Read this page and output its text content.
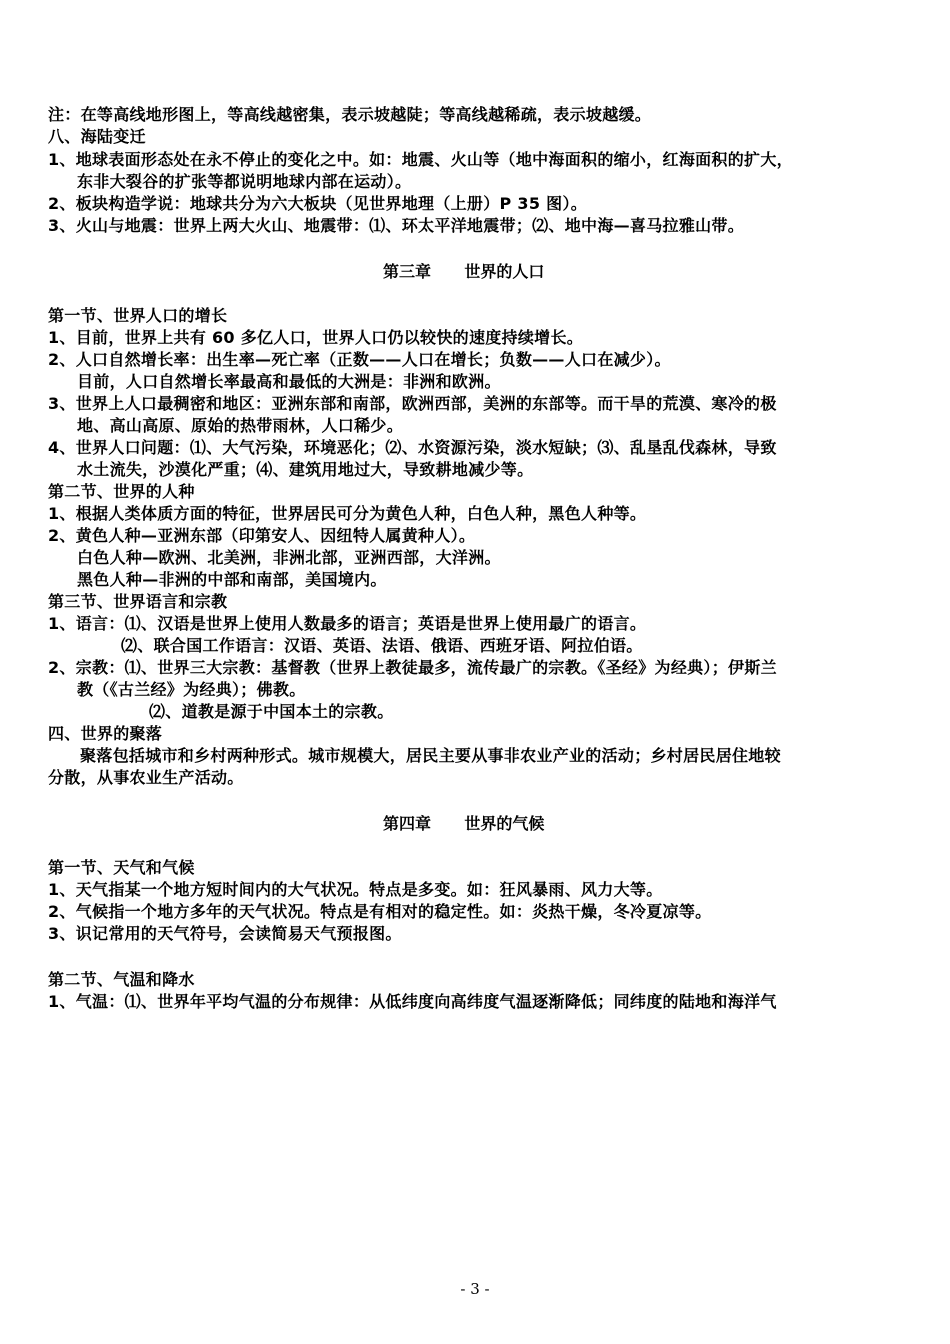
注：在等高线地形图上，等高线越密集，表示坡越陡；等高线越稀疏，表示坡越缓。
八、海陆变迁
1、地球表面形态处在永不停止的变化之中。如：地震、火山等（地中海面积的缩小，红海面积的扩大，
东非大裂谷的扩张等都说明地球内部在运动）。
2、板块构造学说：地球共分为六大板块（见世界地理（上册）P 35 图）。
3、火山与地震：世界上两大火山、地震带：⑴、环太平洋地震带；⑵、地中海—喜马拉雅山带。
第一节、世界人口的增长
1、目前，世界上共有 60 多亿人口，世界人口仍以较快的速度持续增长。
2、人口自然增长率：出生率—死亡率（正数——人口在增长；负数——人口在减少）。
目前，人口自然增长率最高和最低的大洲是：非洲和欧洲。
3、世界上人口最稠密和地区：亚洲东部和南部，欧洲西部，美洲的东部等。而干旱的荒漠、寒冷的极
地、高山高原、原始的热带雨林，人口稀少。
4、世界人口问题：⑴、大气污染，环境恶化；⑵、水资源污染，淡水短缺；⑶、乱垦乱伐森林，导致
水土流失，沙漠化严重；⑷、建筑用地过大，导致耕地减少等。
第二节、世界的人种
1、根据人类体质方面的特征，世界居民可分为黄色人种，白色人种，黑色人种等。
2、黄色人种—亚洲东部（印第安人、因纽特人属黄种人）。
白色人种—欧洲、北美洲，非洲北部，亚洲西部，大洋洲。
黑色人种—非洲的中部和南部，美国境内。
第三节、世界语言和宗教
1、语言：⑴、汉语是世界上使用人数最多的语言；英语是世界上使用最广的语言。
⑵、联合国工作语言：汉语、英语、法语、俄语、西班牙语、阿拉伯语。
2、宗教：⑴、世界三大宗教：基督教（世界上教徒最多，流传最广的宗教。《圣经》为经典）；伊斯兰
教（《古兰经》为经典）；佛教。
⑵、道教是源于中国本土的宗教。
四、世界的聚落
聚落包括城市和乡村两种形式。城市规模大，居民主要从事非农业产业的活动；乡村居民居住地较
分散，从事农业生产活动。
第一节、天气和气候
1、天气指某一个地方短时间内的大气状况。特点是多变。如：狂风暴雨、风力大等。
2、气候指一个地方多年的天气状况。特点是有相对的稳定性。如：炎热干燥，冬冷夏凉等。
3、识记常用的天气符号，会读简易天气预报图。
第二节、气温和降水
1、气温：⑴、世界年平均气温的分布规律：从低纬度向高纬度气温逐渐降低；同纬度的陆地和海洋气
第三章      世界的人口
第四章      世界的气候
- 3 -
